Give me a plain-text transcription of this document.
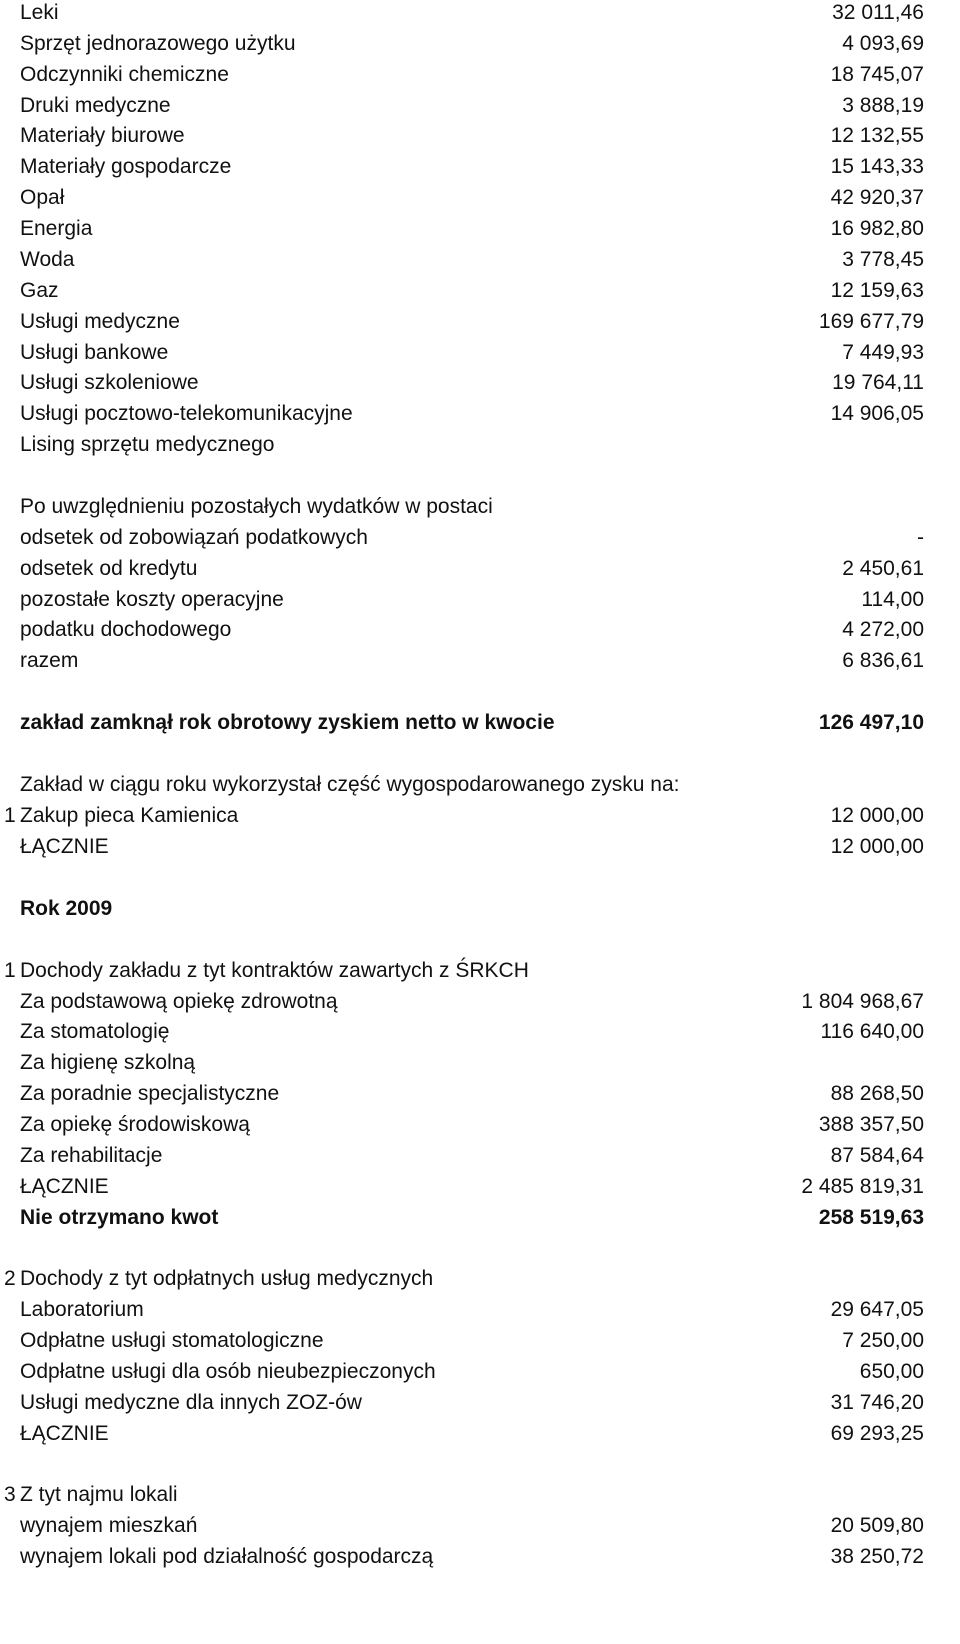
Leki	32 011,46
Sprzęt jednorazowego użytku	4 093,69
Odczynniki chemiczne	18 745,07
Druki medyczne	3 888,19
Materiały biurowe	12 132,55
Materiały gospodarcze	15 143,33
Opał	42 920,37
Energia	16 982,80
Woda	3 778,45
Gaz	12 159,63
Usługi medyczne	169 677,79
Usługi bankowe	7 449,93
Usługi szkoleniowe	19 764,11
Usługi pocztowo-telekomunikacyjne	14 906,05
Lising sprzętu medycznego
Po uwzględnieniu pozostałych wydatków w postaci
odsetek od zobowiązań podatkowych	-
odsetek od kredytu	2 450,61
pozostałe koszty operacyjne	114,00
podatku dochodowego	4 272,00
razem	6 836,61
zakład zamknął rok obrotowy zyskiem netto w kwocie	126 497,10
Zakład w ciągu roku wykorzystał część wygospodarowanego zysku na:
1 Zakup pieca Kamienica	12 000,00
ŁĄCZNIE	12 000,00
Rok 2009
1 Dochody zakładu z tyt kontraktów zawartych z ŚRKCH
Za podstawową opiekę zdrowotną	1 804 968,67
Za stomatologię	116 640,00
Za higienę szkolną
Za poradnie specjalistyczne	88 268,50
Za opiekę środowiskową	388 357,50
Za rehabilitacje	87 584,64
ŁĄCZNIE	2 485 819,31
Nie otrzymano kwot	258 519,63
2 Dochody z tyt odpłatnych usług medycznych
Laboratorium	29 647,05
Odpłatne usługi stomatologiczne	7 250,00
Odpłatne usługi dla osób nieubezpieczonych	650,00
Usługi medyczne dla innych ZOZ-ów	31 746,20
ŁĄCZNIE	69 293,25
3 Z tyt najmu lokali
wynajem mieszkań	20 509,80
wynajem lokali pod działalność gospodarczą	38 250,72
